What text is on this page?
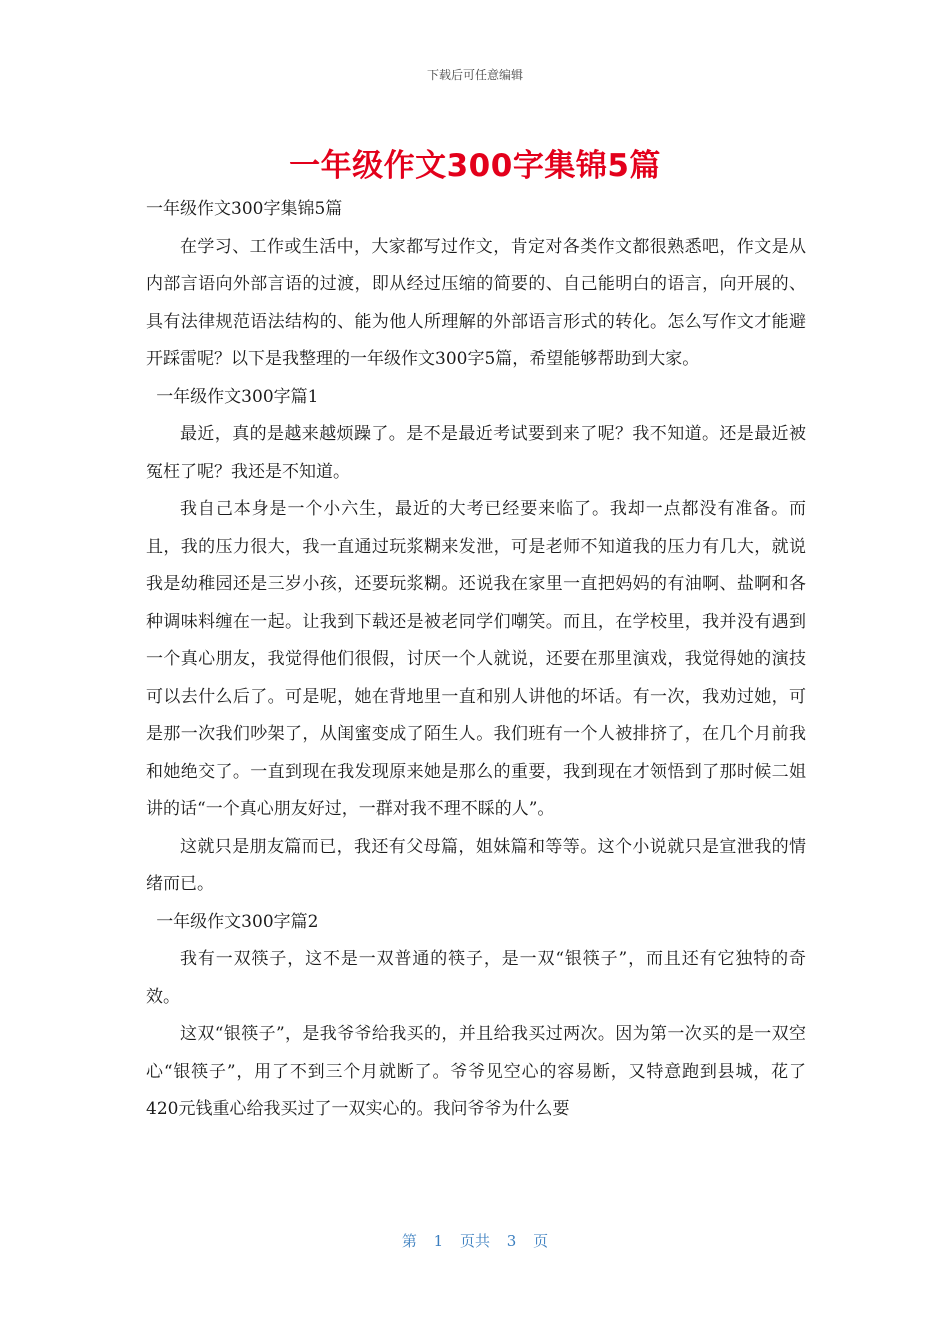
下载后可任意编辑
一年级作文300字集锦5篇

一年级作文300字集锦5篇

在学习、工作或生活中，大家都写过作文，肯定对各类作文都很熟悉吧，作文是从内部言语向外部言语的过渡，即从经过压缩的简要的、自己能明白的语言，向开展的、具有法律规范语法结构的、能为他人所理解的外部语言形式的转化。怎么写作文才能避开踩雷呢？以下是我整理的一年级作文300字5篇，希望能够帮助到大家。

一年级作文300字篇1

最近，真的是越来越烦躁了。是不是最近考试要到来了呢？我不知道。还是最近被冤枉了呢？我还是不知道。

我自己本身是一个小六生，最近的大考已经要来临了。我却一点都没有准备。而且，我的压力很大，我一直通过玩浆糊来发泄，可是老师不知道我的压力有几大，就说我是幼稚园还是三岁小孩，还要玩浆糊。还说我在家里一直把妈妈的有油啊、盐啊和各种调味料缠在一起。让我到下载还是被老同学们嘲笑。而且，在学校里，我并没有遇到一个真心朋友，我觉得他们很假，讨厌一个人就说，还要在那里演戏，我觉得她的演技可以去什么后了。可是呢，她在背地里一直和别人讲他的坏话。有一次，我劝过她，可是那一次我们吵架了，从闺蜜变成了陌生人。我们班有一个人被排挤了，在几个月前我和她绝交了。一直到现在我发现原来她是那么的重要，我到现在才领悟到了那时候二姐讲的话“一个真心朋友好过，一群对我不理不睬的人”。

这就只是朋友篇而已，我还有父母篇，姐妹篇和等等。这个小说就只是宣泄我的情绪而已。

一年级作文300字篇2

我有一双筷子，这不是一双普通的筷子，是一双“银筷子”，而且还有它独特的奇效。

这双“银筷子”，是我爷爷给我买的，并且给我买过两次。因为第一次买的是一双空心“银筷子”，用了不到三个月就断了。爷爷见空心的容易断，又特意跑到县城，花了420元钱重心给我买过了一双实心的。我问爷爷为什么要

第 1 页共 3 页
